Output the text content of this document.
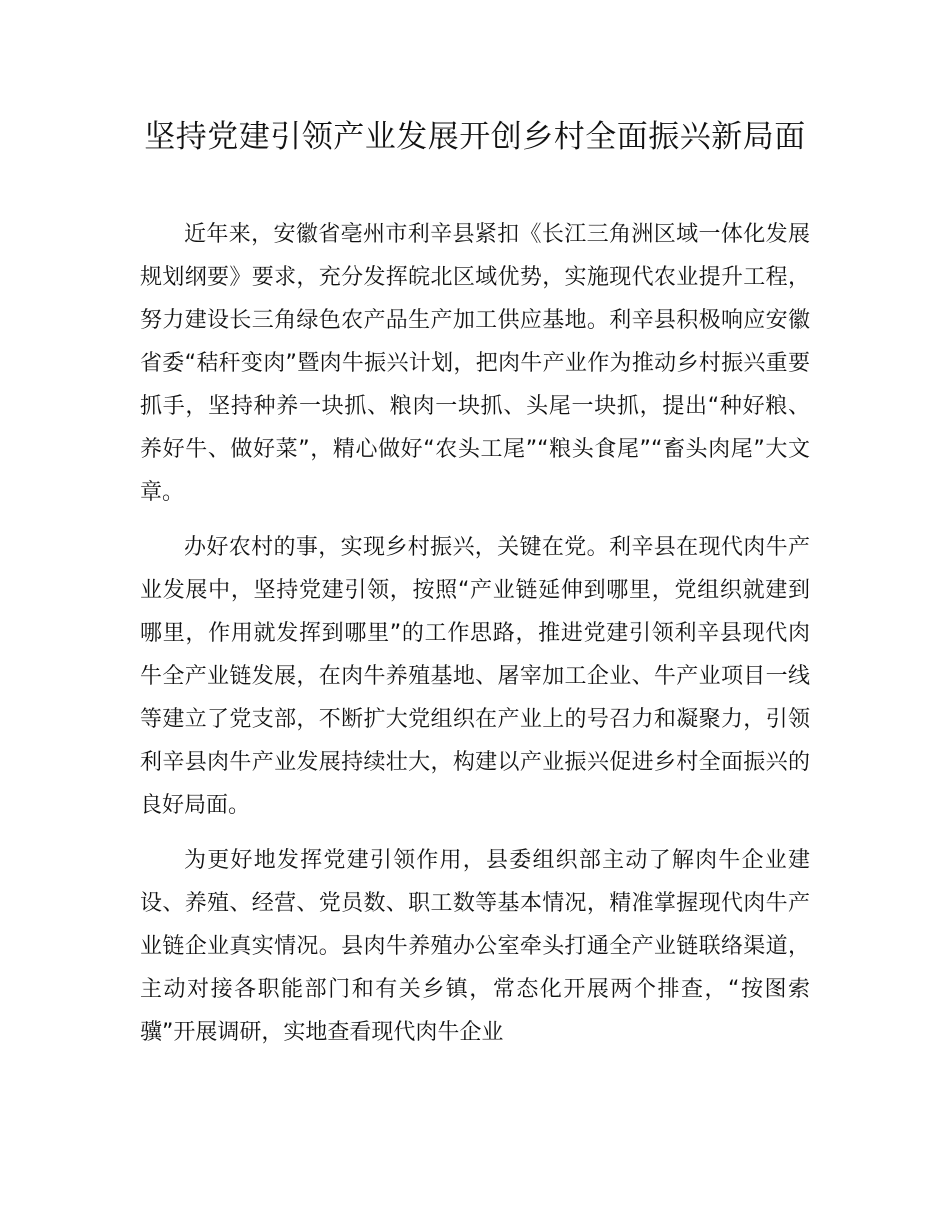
坚持党建引领产业发展开创乡村全面振兴新局面

近年来，安徽省亳州市利辛县紧扣《长江三角洲区域一体化发展规划纲要》要求，充分发挥皖北区域优势，实施现代农业提升工程，努力建设长三角绿色农产品生产加工供应基地。利辛县积极响应安徽省委“秸秆变肉”暨肉牛振兴计划，把肉牛产业作为推动乡村振兴重要抓手，坚持种养一块抓、粮肉一块抓、头尾一块抓，提出“种好粮、养好牛、做好菜”，精心做好“农头工尾”“粮头食尾”“畜头肉尾”大文章。

办好农村的事，实现乡村振兴，关键在党。利辛县在现代肉牛产业发展中，坚持党建引领，按照“产业链延伸到哪里，党组织就建到哪里，作用就发挥到哪里”的工作思路，推进党建引领利辛县现代肉牛全产业链发展，在肉牛养殖基地、屠宰加工企业、牛产业项目一线等建立了党支部，不断扩大党组织在产业上的号召力和凝聚力，引领利辛县肉牛产业发展持续壮大，构建以产业振兴促进乡村全面振兴的良好局面。

为更好地发挥党建引领作用，县委组织部主动了解肉牛企业建设、养殖、经营、党员数、职工数等基本情况，精准掌握现代肉牛产业链企业真实情况。县肉牛养殖办公室牵头打通全产业链联络渠道，主动对接各职能部门和有关乡镇，常态化开展两个排查，“按图索骥”开展调研，实地查看现代肉牛企业
